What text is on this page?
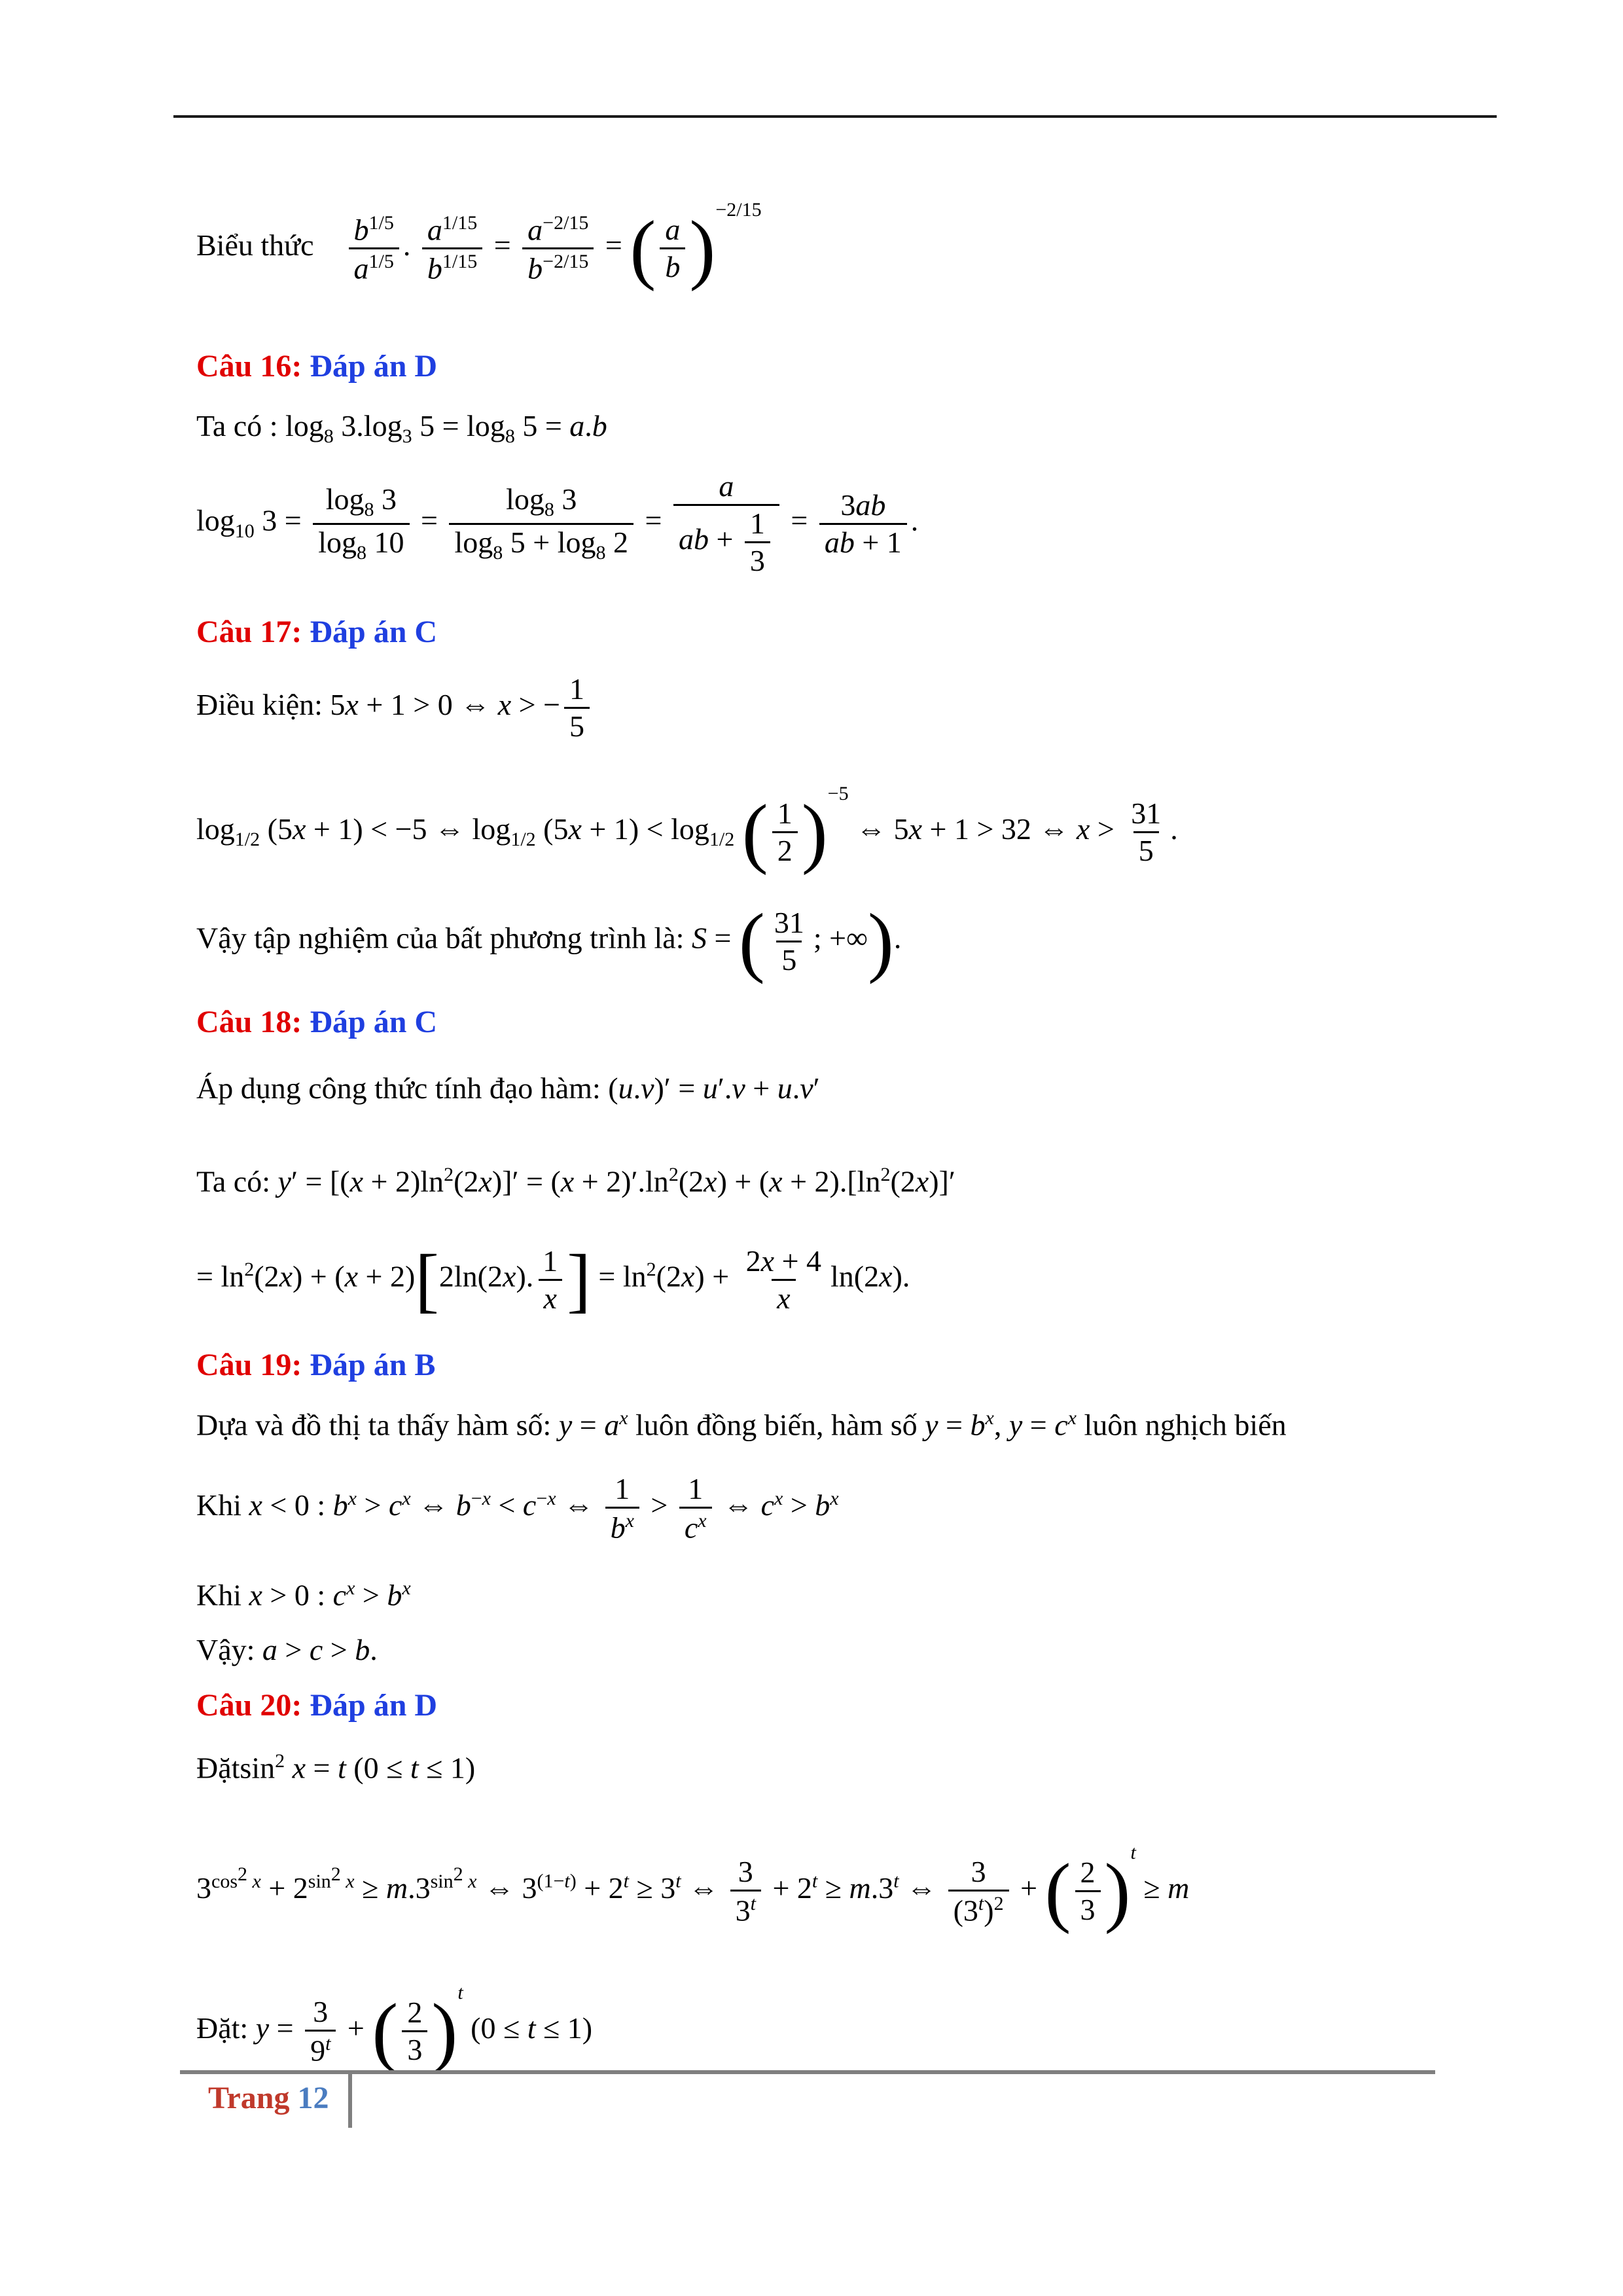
Biểu thức $\frac{b^{1/5}}{a^{1/5}}$ . $\frac{a^{1/15}}{b^{1/15}} = \frac{a^{-2/15}}{b^{-2/15}}$ = ( $\frac{a}{b} )^{-2/15}$
Câu 16: Đáp án D
Ta có : $\log_8 3.\log_3$ $5 = \log_8 5 = a.b$
$\log_{10} 3 = \frac{\log_8 3}{\log_8 10} = \frac{\log_8 3}{\log_8 5 + \log_8 2} = \frac{a}{ab + \frac{1}{3}} = \frac{3ab}{ab + 1}$ .
Câu 17: Đáp án C
Điều kiện: 5x + 1 > 0 ⇔ x > − $\frac{1}{5}$
$\log_{1/2} (5x + 1) < -5$ ⇔ $\log_{1/2} (5x + 1) < \log_{1/2}$ ( $\frac{1}{2} )^{-5}$ ⇔ 5x + 1 > 32 ⇔ $x > \frac{31}{5}$ .
Vậy tập nghiệm của bất phương trình là: S = ( $\frac{31}{5}$ ; +∞).
Câu 18: Đáp án C
Áp dụng công thức tính đạo hàm: (u.v)′ = u′.v + u.v′
Ta có: $y' = [(x + 2)\ln^2(2x)]' = (x + 2)'.\ln^2(2x) + (x + 2).[\ln^2(2x)]'$
= $\ln^2(2x) + (x + 2)[2\ln(2x)$. $\frac{1}{x}$ ] = $\ln^2(2x) + \frac{2x + 4}{x} \ln(2x)$.
Câu 19: Đáp án B
Dựa và đồ thị ta thấy hàm số: $y = a^x$ luôn đồng biến, hàm số $y = b^x$, $y = c^x$ luôn nghịch biến
Khi x < 0 : $b^x > c^x$ ⇔ $b^{-x} < c^{-x}$ ⇔ $\frac{1}{b^x} > \frac{1}{c^x}$ ⇔ $c^x > b^x$
Khi x > 0 : $c^x > b^x$
Vậy: a > c > b.
Câu 20: Đáp án D
Đặtsin$^2$ x = t (0 ≤ t ≤ 1)
$3^{cos^2 x} + 2^{sin^2 x} \ge m.3^{sin^2 x}$ ⇔ $3^{(1-t)} + 2^t \ge 3^t$ ⇔ $\frac{3}{3^t} + 2^t \ge m.3^t$ ⇔ $\frac{3}{(3^t)^2}$ + ( $\frac{2}{3} )^t \ge m$
Đặt: $y = \frac{3}{9^t}$ + ( $\frac{2}{3} )^t$ (0 ≤ t ≤ 1)
Trang 12
